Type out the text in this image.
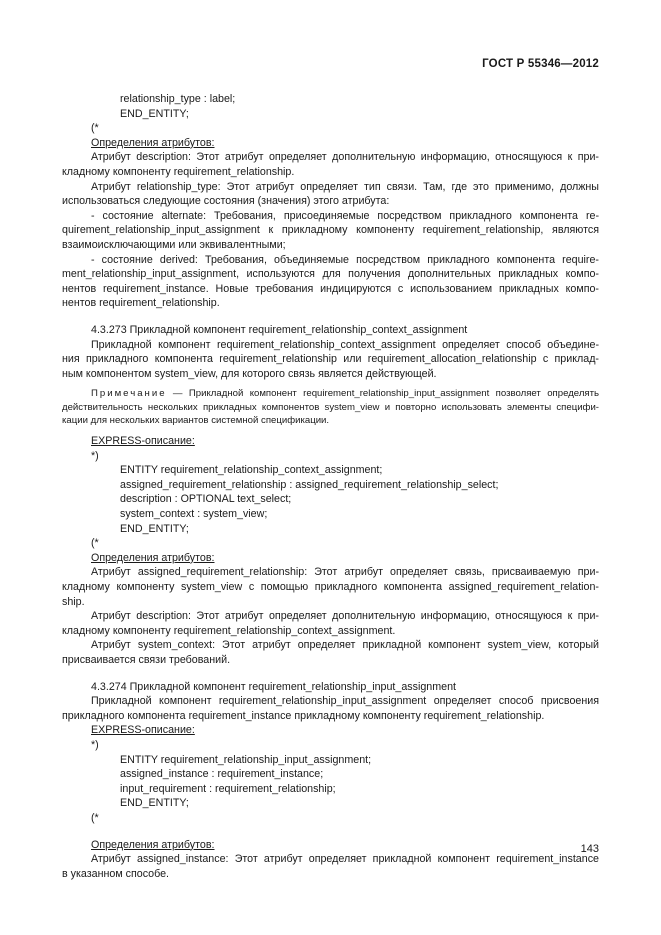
ГОСТ Р 55346—2012

relationship_type : label;

END_ENTITY;

(*

Определения атрибутов:

Атрибут description: Этот атрибут определяет дополнительную информацию, относящуюся к при-

кладному компоненту requirement_relationship.

Атрибут relationship_type: Этот атрибут определяет тип связи. Там, где это применимо, должны

использоваться следующие состояния (значения) этого атрибута:

- состояние alternate: Требования, присоединяемые посредством прикладного компонента re-

quirement_relationship_input_assignment к прикладному компоненту requirement_relationship, являются

взаимоисключающими или эквивалентными;

- состояние derived: Требования, объединяемые посредством прикладного компонента require-

ment_relationship_input_assignment, используются для получения дополнительных прикладных компо-

нентов requirement_instance. Новые требования индицируются с использованием прикладных компо-

нентов requirement_relationship.

4.3.273 Прикладной компонент requirement_relationship_context_assignment

Прикладной компонент requirement_relationship_context_assignment определяет способ объедине-

ния прикладного компонента requirement_relationship или requirement_allocation_relationship с приклад-

ным компонентом system_view, для которого связь является действующей.

Примечание — Прикладной компонент requirement_relationship_input_assignment позволяет определять

действительность нескольких прикладных компонентов system_view и повторно использовать элементы специфи-

кации для нескольких вариантов системной спецификации.

EXPRESS-описание:

*)

ENTITY requirement_relationship_context_assignment;

assigned_requirement_relationship : assigned_requirement_relationship_select;

description : OPTIONAL text_select;

system_context : system_view;

END_ENTITY;

(*

Определения атрибутов:

Атрибут assigned_requirement_relationship: Этот атрибут определяет связь, присваиваемую при-

кладному компоненту system_view с помощью прикладного компонента assigned_requirement_relation-

ship.

Атрибут description: Этот атрибут определяет дополнительную информацию, относящуюся к при-

кладному компоненту requirement_relationship_context_assignment.

Атрибут system_context: Этот атрибут определяет прикладной компонент system_view, который

присваивается связи требований.

4.3.274 Прикладной компонент requirement_relationship_input_assignment

Прикладной компонент requirement_relationship_input_assignment определяет способ присвоения

прикладного компонента requirement_instance прикладному компоненту requirement_relationship.

EXPRESS-описание:

*)

ENTITY requirement_relationship_input_assignment;

assigned_instance : requirement_instance;

input_requirement : requirement_relationship;

END_ENTITY;

(*

Определения атрибутов:

Атрибут assigned_instance: Этот атрибут определяет прикладной компонент requirement_instance

в указанном способе.

143
